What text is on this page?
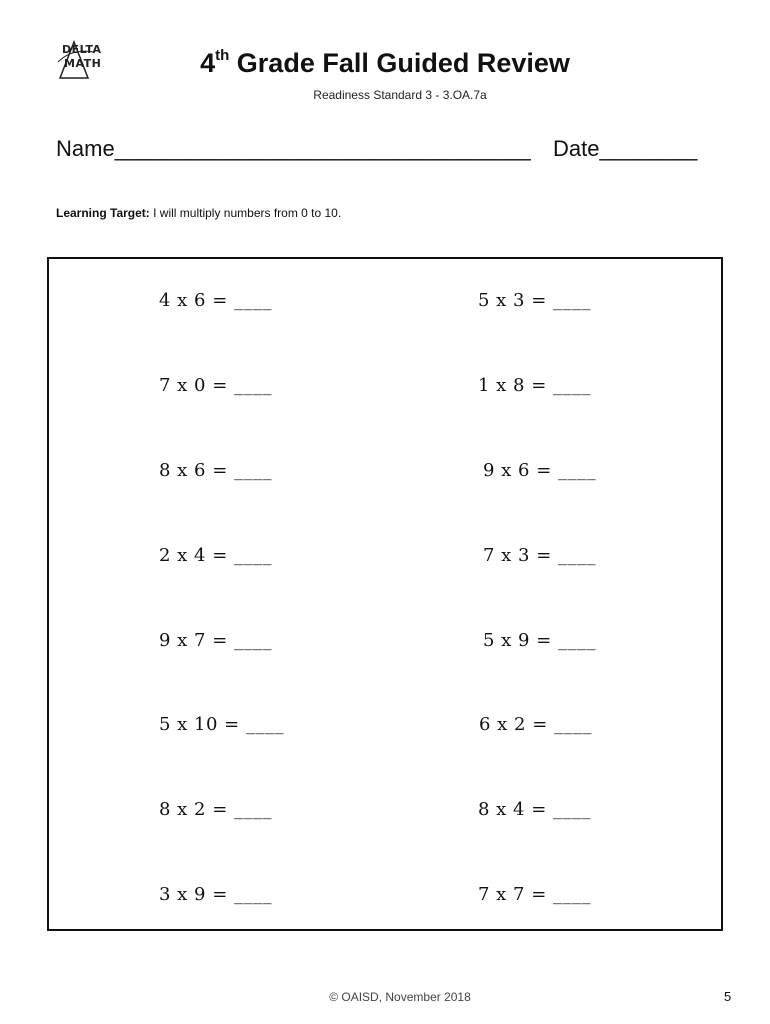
DELTA
MATH	4th Grade Fall Guided Review
Readiness Standard 3 - 3.OA.7a
Name__________________________________ Date________
Learning Target: I will multiply numbers from 0 to 10.
4 x 6 = ____	5 x 3 = ____
7 x 0 = ____	1 x 8 = ____
8 x 6 = ____	9 x 6 = ____
2 x 4 = ____	7 x 3 = ____
9 x 7 = ____	5 x 9 = ____
5 x 10 = ____	6 x 2 = ____
8 x 2 = ____	8 x 4 = ____
3 x 9 = ____	7 x 7 = ____
© OAISD, November 2018	5
